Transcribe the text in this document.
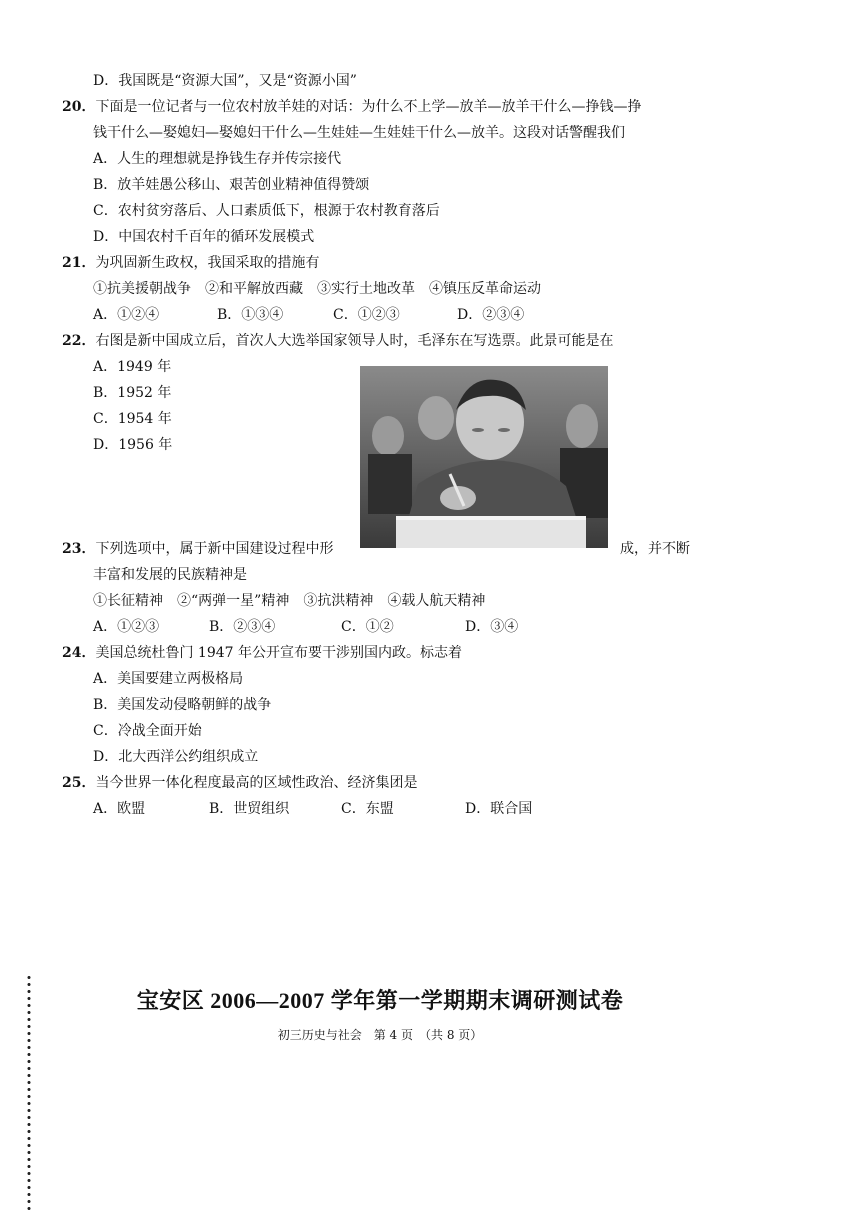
D．我国既是“资源大国”，又是“资源小国”
20．下面是一位记者与一位农村放羊娃的对话：为什么不上学—放羊—放羊干什么—挣钱—挣
钱干什么—娶媳妇—娶媳妇干什么—生娃娃—生娃娃干什么—放羊。这段对话警醒我们
A．人生的理想就是挣钱生存并传宗接代
B．放羊娃愚公移山、艰苦创业精神值得赞颂
C．农村贫穷落后、人口素质低下，根源于农村教育落后
D．中国农村千百年的循环发展模式
21．为巩固新生政权，我国采取的措施有
①抗美援朝战争　②和平解放西藏　③实行土地改革　④镇压反革命运动
A．①②④	B．①③④	C．①②③	D．②③④
22．右图是新中国成立后，首次人大选举国家领导人时，毛泽东在写选票。此景可能是在
A．1949 年
B．1952 年
C．1954 年
D．1956 年
23．下列选项中，属于新中国建设过程中形	成，并不断
丰富和发展的民族精神是
①长征精神　②“两弹一星”精神　③抗洪精神　④载人航天精神
A．①②③	B．②③④	C．①②	D．③④
24．美国总统杜鲁门 1947 年公开宣布要干涉别国内政。标志着
A．美国要建立两极格局
B．美国发动侵略朝鲜的战争
C．冷战全面开始
D．北大西洋公约组织成立
25．当今世界一体化程度最高的区域性政治、经济集团是
A．欧盟	B．世贸组织	C．东盟	D．联合国
宝安区 2006—2007 学年第一学期期末调研测试卷
初三历史与社会　第 4 页　（共 8 页）
